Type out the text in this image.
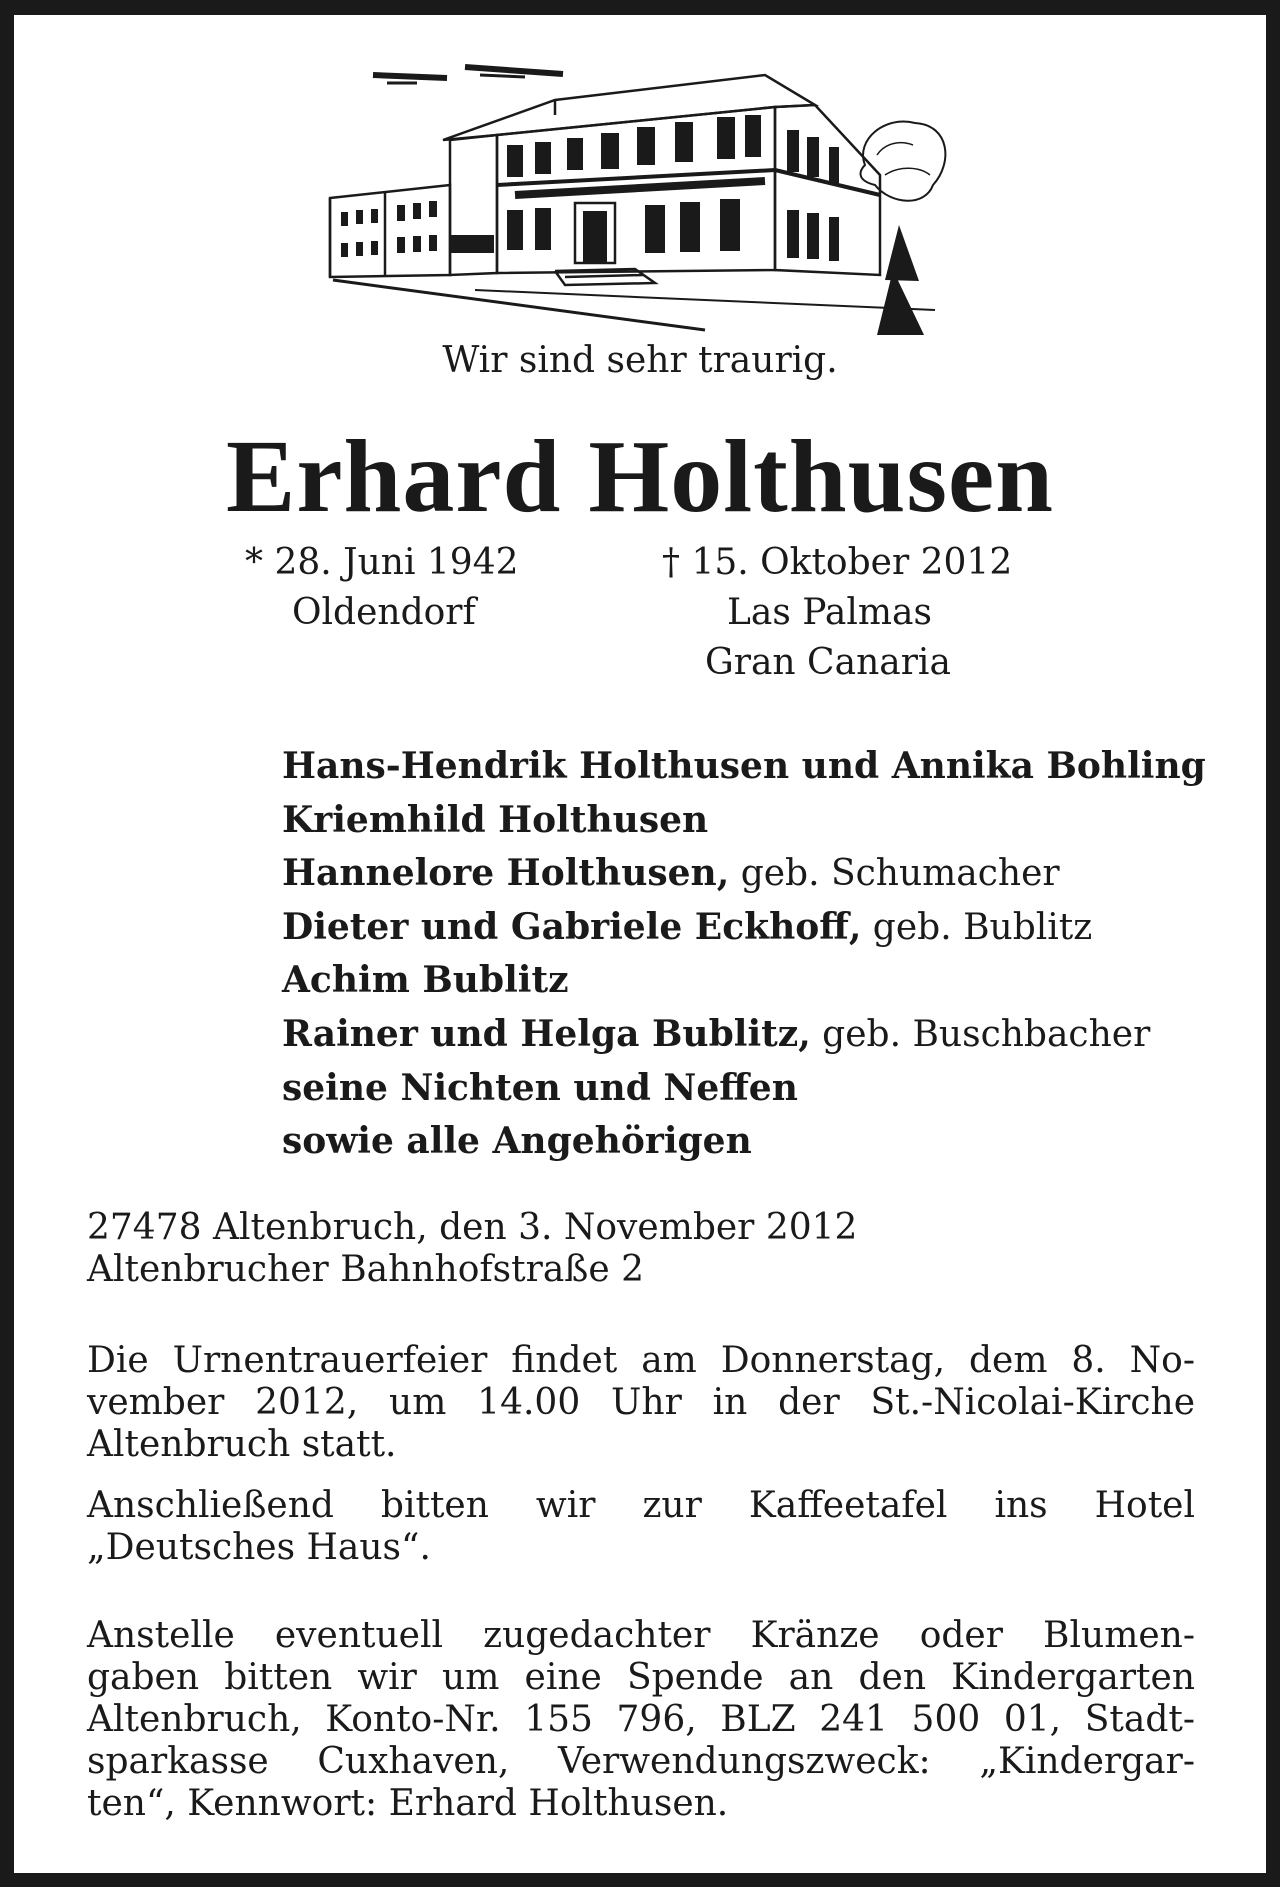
Wir sind sehr traurig.
Erhard Holthusen
* 28. Juni 1942
Oldendorf
† 15. Oktober 2012
Las Palmas
Gran Canaria
Hans-Hendrik Holthusen und Annika Bohling
Kriemhild Holthusen
Hannelore Holthusen, geb. Schumacher
Dieter und Gabriele Eckhoff, geb. Bublitz
Achim Bublitz
Rainer und Helga Bublitz, geb. Buschbacher
seine Nichten und Neffen
sowie alle Angehörigen
27478 Altenbruch, den 3. November 2012
Altenbrucher Bahnhofstraße 2
Die Urnentrauerfeier findet am Donnerstag, dem 8. No-
vember 2012, um 14.00 Uhr in der St.-Nicolai-Kirche
Altenbruch statt.
Anschließend bitten wir zur Kaffeetafel ins Hotel
„Deutsches Haus“.
Anstelle eventuell zugedachter Kränze oder Blumen-
gaben bitten wir um eine Spende an den Kindergarten
Altenbruch, Konto-Nr. 155 796, BLZ 241 500 01, Stadt-
sparkasse Cuxhaven, Verwendungszweck: „Kindergar-
ten“, Kennwort: Erhard Holthusen.
